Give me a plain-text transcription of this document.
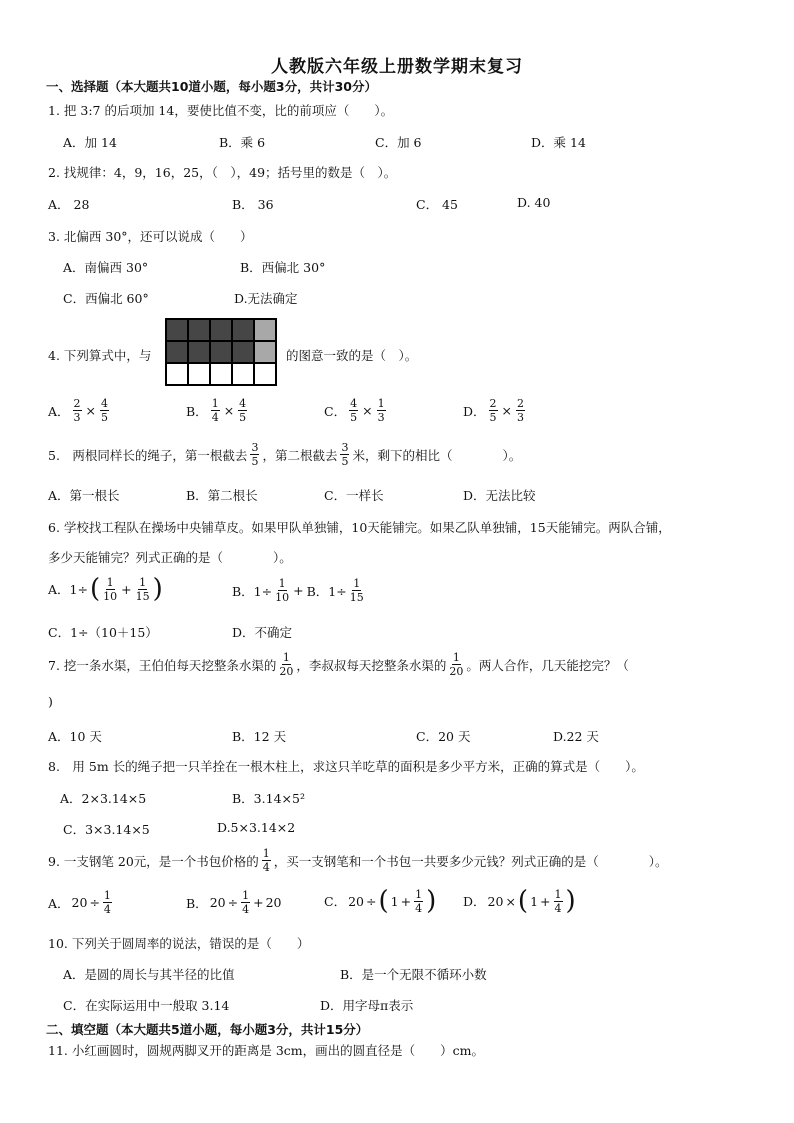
人教版六年级上册数学期末复习
一、选择题（本大题共10道小题，每小题3分，共计30分）
1. 把 3:7 的后项加 14，要使比值不变，比的前项应（　　）。
A．加 14	B．乘 6	C．加 6	D．乘 14
2. 找规律：4，9，16，25，（　），49；括号里的数是（　）。
A． 28	B． 36	C． 45	D. 40
3. 北偏西 30°，还可以说成（　　）
A．南偏西 30°	B．西偏北 30°
C．西偏北 60°	D.无法确定
4. 下列算式中，与	的图意一致的是（　）。
A． $\frac{2}{3} \times \frac{4}{5}$	B． $\frac{1}{4} \times \frac{4}{5}$	C． $\frac{4}{5} \times \frac{1}{3}$	D． $\frac{2}{5} \times \frac{2}{3}$
5.　两根同样长的绳子，第一根截去 $\frac{3}{5}$ ，第二根截去 $\frac{3}{5}$ 米，剩下的相比（　　　　）。
A．第一根长	B．第二根长	C．一样长	D．无法比较
6. 学校找工程队在操场中央铺草皮。如果甲队单独铺，10天能铺完。如果乙队单独铺，15天能铺完。两队合铺，
多少天能铺完？列式正确的是（　　　　）。
A．1÷ ( $\frac{1}{10} + \frac{1}{15}$ )	B．$1\div \frac{1}{10} + B$．$1\div \frac{1}{15}$
C．1÷（10＋15）	D．不确定
7. 挖一条水渠，王伯伯每天挖整条水渠的 $\frac{1}{20}$ ，李叔叔每天挖整条水渠的 $\frac{1}{20}$ 。两人合作，几天能挖完？（
)
A．10 天	B．12 天	C．20 天	D.22 天
8.　用 5m 长的绳子把一只羊拴在一根木柱上，求这只羊吃草的面积是多少平方米，正确的算式是（　　）。
A．2×3.14×5	B．3.14×5²
C．3×3.14×5	D.5×3.14×2
9. 一支钢笔 20元，是一个书包价格的 $\frac{1}{4}$ ，买一支钢笔和一个书包一共要多少元钱？列式正确的是（　　　　）。
A． $20 \div \frac{1}{4}$	B． $20 \div \frac{1}{4} + 20$	C． 20 ÷ ( $1 + \frac{1}{4}$ ) D． 20 × ( $1 + \frac{1}{4}$ )
10. 下列关于圆周率的说法，错误的是（　　）
A．是圆的周长与其半径的比值	B．是一个无限不循环小数
C．在实际运用中一般取 3.14	D．用字母π表示
二、填空题（本大题共5道小题，每小题3分，共计15分）
11. 小红画圆时，圆规两脚叉开的距离是 3cm，画出的圆直径是（　　）cm。
